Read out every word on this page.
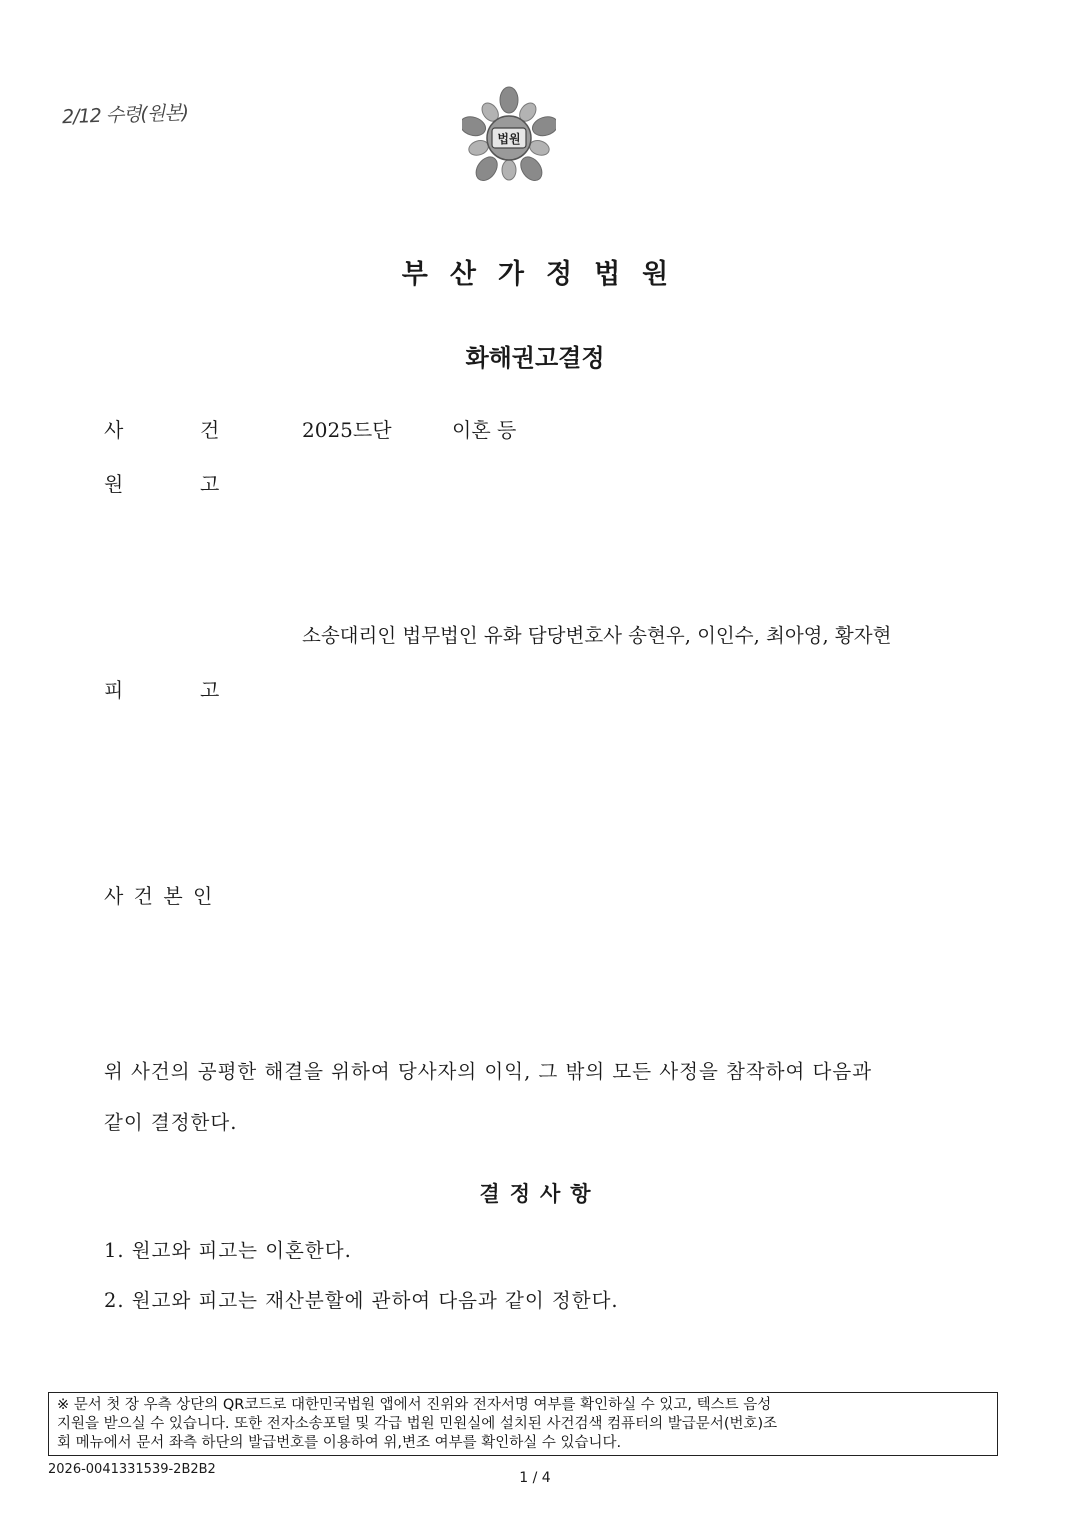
2/12 수령(원본)
법원
부산가정법원
화해권고결정
사	건	2025드단	이혼 등
원	고
소송대리인 법무법인 유화 담당변호사 송현우, 이인수, 최아영, 황자현
피	고
사 건 본 인
위 사건의 공평한 해결을 위하여 당사자의 이익, 그 밖의 모든 사정을 참작하여 다음과
같이 결정한다.
결정사항
1. 원고와 피고는 이혼한다.
2. 원고와 피고는 재산분할에 관하여 다음과 같이 정한다.
※ 문서 첫 장 우측 상단의 QR코드로 대한민국법원 앱에서 진위와 전자서명 여부를 확인하실 수 있고, 텍스트 음성
지원을 받으실 수 있습니다. 또한 전자소송포털 및 각급 법원 민원실에 설치된 사건검색 컴퓨터의 발급문서(번호)조
회 메뉴에서 문서 좌측 하단의 발급번호를 이용하여 위,변조 여부를 확인하실 수 있습니다.
2026-0041331539-2B2B2
1 / 4
